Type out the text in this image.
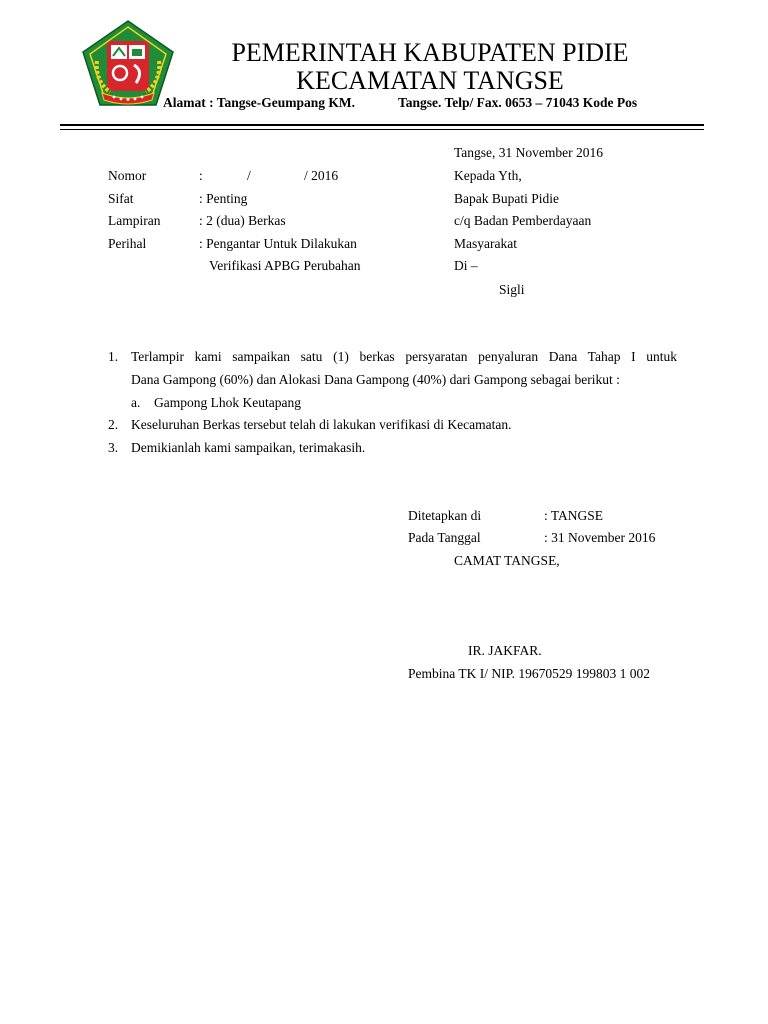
PEMERINTAH KABUPATEN PIDIE
KECAMATAN TANGSE
Alamat : Tangse-Geumpang KM.	Tangse. Telp/ Fax. 0653 – 71043 Kode Pos
Tangse, 31 November 2016
Nomor	:	/	/ 2016
Sifat	: Penting
Lampiran	: 2 (dua) Berkas
Perihal	: Pengantar Untuk Dilakukan
Verifikasi APBG Perubahan
Kepada Yth,
Bapak Bupati Pidie
c/q Badan Pemberdayaan
Masyarakat
Di –
Sigli
1. Terlampir kami sampaikan satu (1) berkas persyaratan penyaluran Dana Tahap I untuk
Dana Gampong (60%) dan Alokasi Dana Gampong (40%) dari Gampong sebagai berikut :
a. Gampong Lhok Keutapang
2. Keseluruhan Berkas tersebut telah di lakukan verifikasi di Kecamatan.
3. Demikianlah kami sampaikan, terimakasih.
Ditetapkan di	: TANGSE
Pada Tanggal	: 31 November 2016
CAMAT TANGSE,
IR. JAKFAR.
Pembina TK I/ NIP. 19670529 199803 1 002
